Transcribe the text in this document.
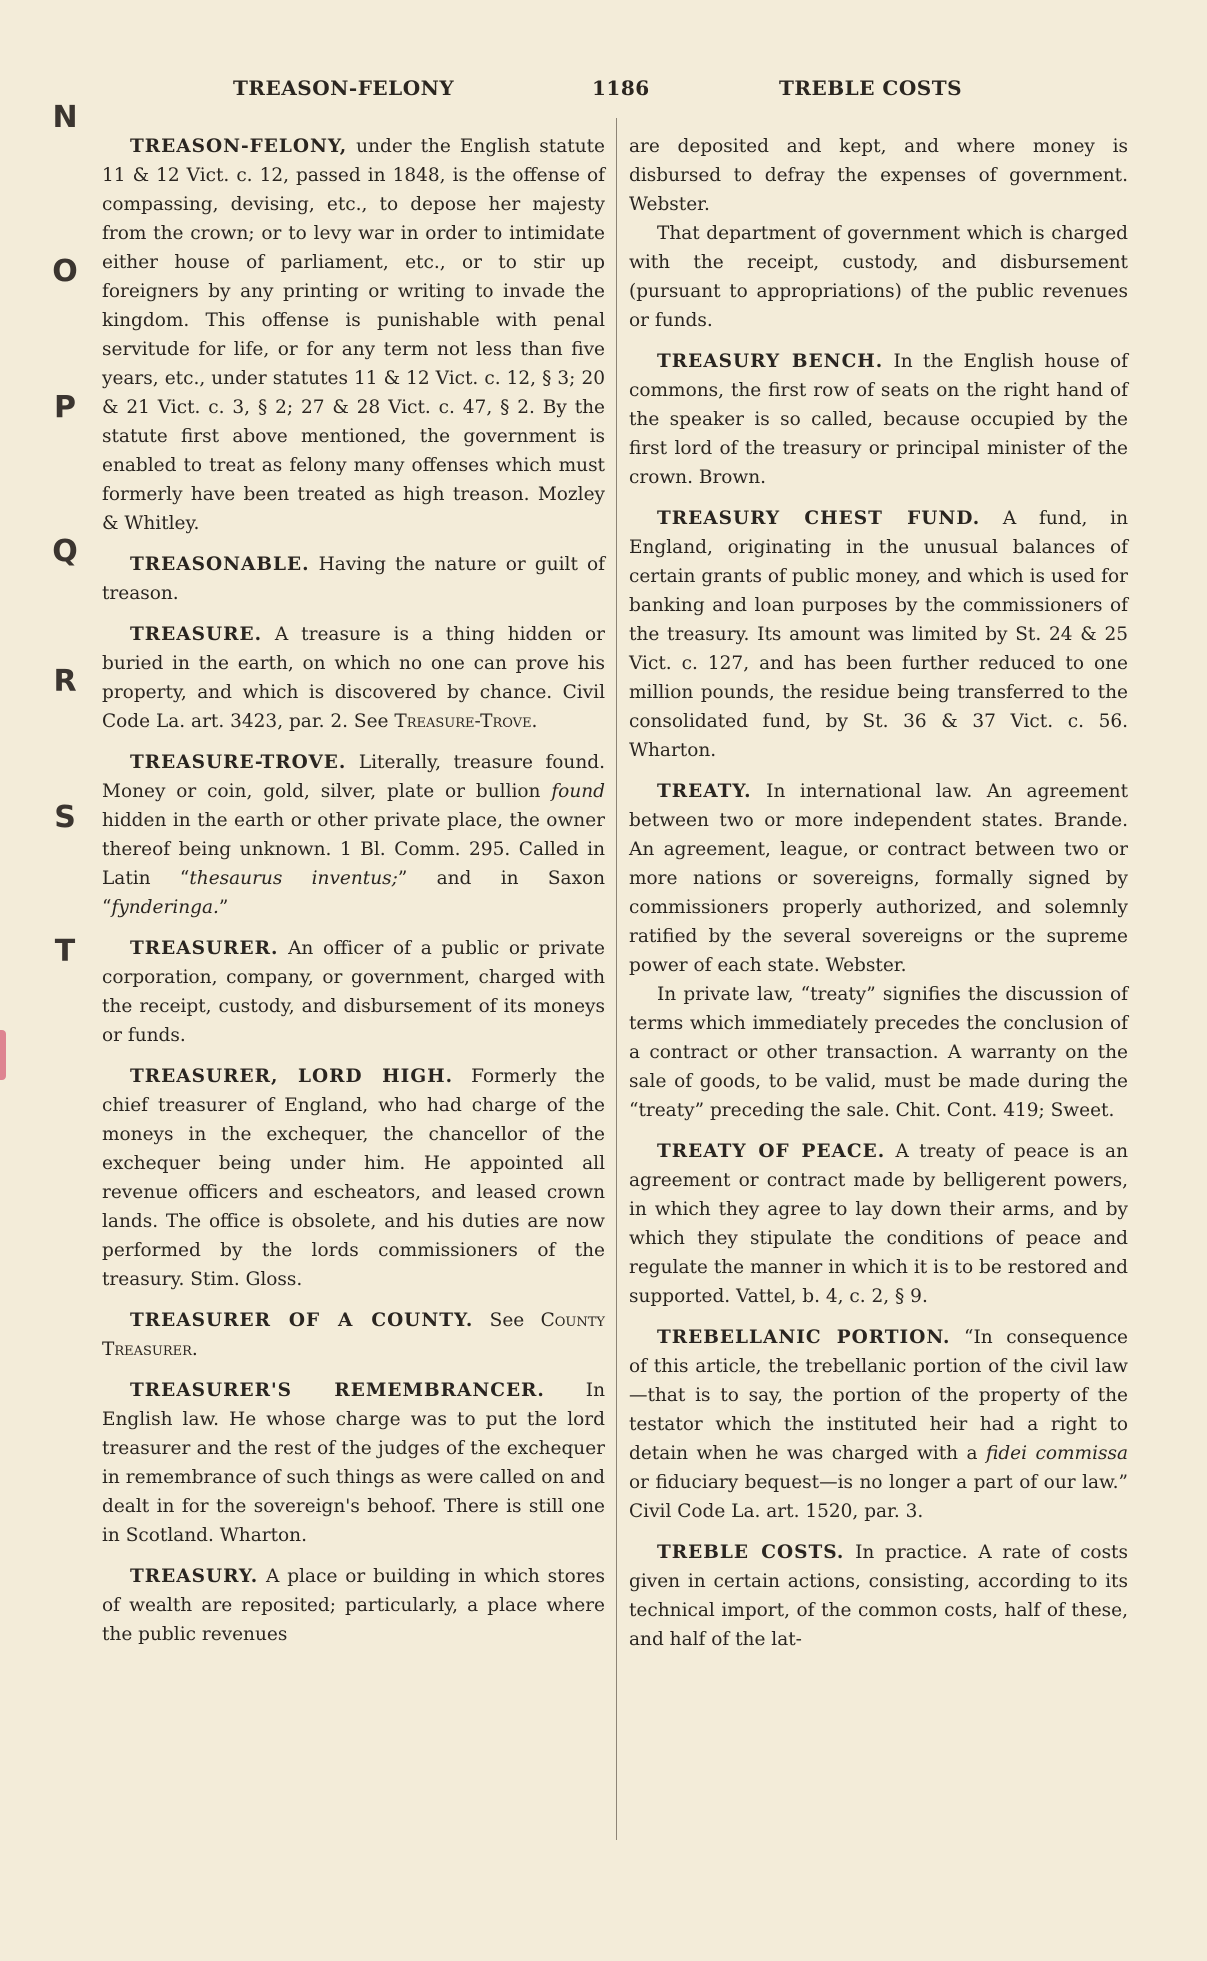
TREASON-FELONY	1186	TREBLE COSTS
N
O
P
Q
R
S
T

TREASON-FELONY, under the English statute 11 & 12 Vict. c. 12, passed in 1848, is the offense of compassing, devising, etc., to depose her majesty from the crown; or to levy war in order to intimidate either house of parliament, etc., or to stir up foreigners by any printing or writing to invade the kingdom. This offense is punishable with penal servitude for life, or for any term not less than five years, etc., under statutes 11 & 12 Vict. c. 12, § 3; 20 & 21 Vict. c. 3, § 2; 27 & 28 Vict. c. 47, § 2. By the statute first above mentioned, the government is enabled to treat as felony many offenses which must formerly have been treated as high treason. Mozley & Whitley.

TREASONABLE. Having the nature or guilt of treason.

TREASURE. A treasure is a thing hidden or buried in the earth, on which no one can prove his property, and which is discovered by chance. Civil Code La. art. 3423, par. 2. See Treasure-Trove.

TREASURE-TROVE. Literally, treasure found. Money or coin, gold, silver, plate or bullion found hidden in the earth or other private place, the owner thereof being unknown. 1 Bl. Comm. 295. Called in Latin “thesaurus inventus;” and in Saxon “fynderinga.”

TREASURER. An officer of a public or private corporation, company, or government, charged with the receipt, custody, and disbursement of its moneys or funds.

TREASURER, LORD HIGH. Formerly the chief treasurer of England, who had charge of the moneys in the exchequer, the chancellor of the exchequer being under him. He appointed all revenue officers and escheators, and leased crown lands. The office is obsolete, and his duties are now performed by the lords commissioners of the treasury. Stim. Gloss.

TREASURER OF A COUNTY. See County Treasurer.

TREASURER'S REMEMBRANCER. In English law. He whose charge was to put the lord treasurer and the rest of the judges of the exchequer in remembrance of such things as were called on and dealt in for the sovereign's behoof. There is still one in Scotland. Wharton.

TREASURY. A place or building in which stores of wealth are reposited; particularly, a place where the public revenues

are deposited and kept, and where money is disbursed to defray the expenses of government. Webster.
That department of government which is charged with the receipt, custody, and disbursement (pursuant to appropriations) of the public revenues or funds.

TREASURY BENCH. In the English house of commons, the first row of seats on the right hand of the speaker is so called, because occupied by the first lord of the treasury or principal minister of the crown. Brown.

TREASURY CHEST FUND. A fund, in England, originating in the unusual balances of certain grants of public money, and which is used for banking and loan purposes by the commissioners of the treasury. Its amount was limited by St. 24 & 25 Vict. c. 127, and has been further reduced to one million pounds, the residue being transferred to the consolidated fund, by St. 36 & 37 Vict. c. 56. Wharton.

TREATY. In international law. An agreement between two or more independent states. Brande. An agreement, league, or contract between two or more nations or sovereigns, formally signed by commissioners properly authorized, and solemnly ratified by the several sovereigns or the supreme power of each state. Webster.
In private law, “treaty” signifies the discussion of terms which immediately precedes the conclusion of a contract or other transaction. A warranty on the sale of goods, to be valid, must be made during the “treaty” preceding the sale. Chit. Cont. 419; Sweet.

TREATY OF PEACE. A treaty of peace is an agreement or contract made by belligerent powers, in which they agree to lay down their arms, and by which they stipulate the conditions of peace and regulate the manner in which it is to be restored and supported. Vattel, b. 4, c. 2, § 9.

TREBELLANIC PORTION. “In consequence of this article, the trebellanic portion of the civil law—that is to say, the portion of the property of the testator which the instituted heir had a right to detain when he was charged with a fidei commissa or fiduciary bequest—is no longer a part of our law.” Civil Code La. art. 1520, par. 3.

TREBLE COSTS. In practice. A rate of costs given in certain actions, consisting, according to its technical import, of the common costs, half of these, and half of the lat-
